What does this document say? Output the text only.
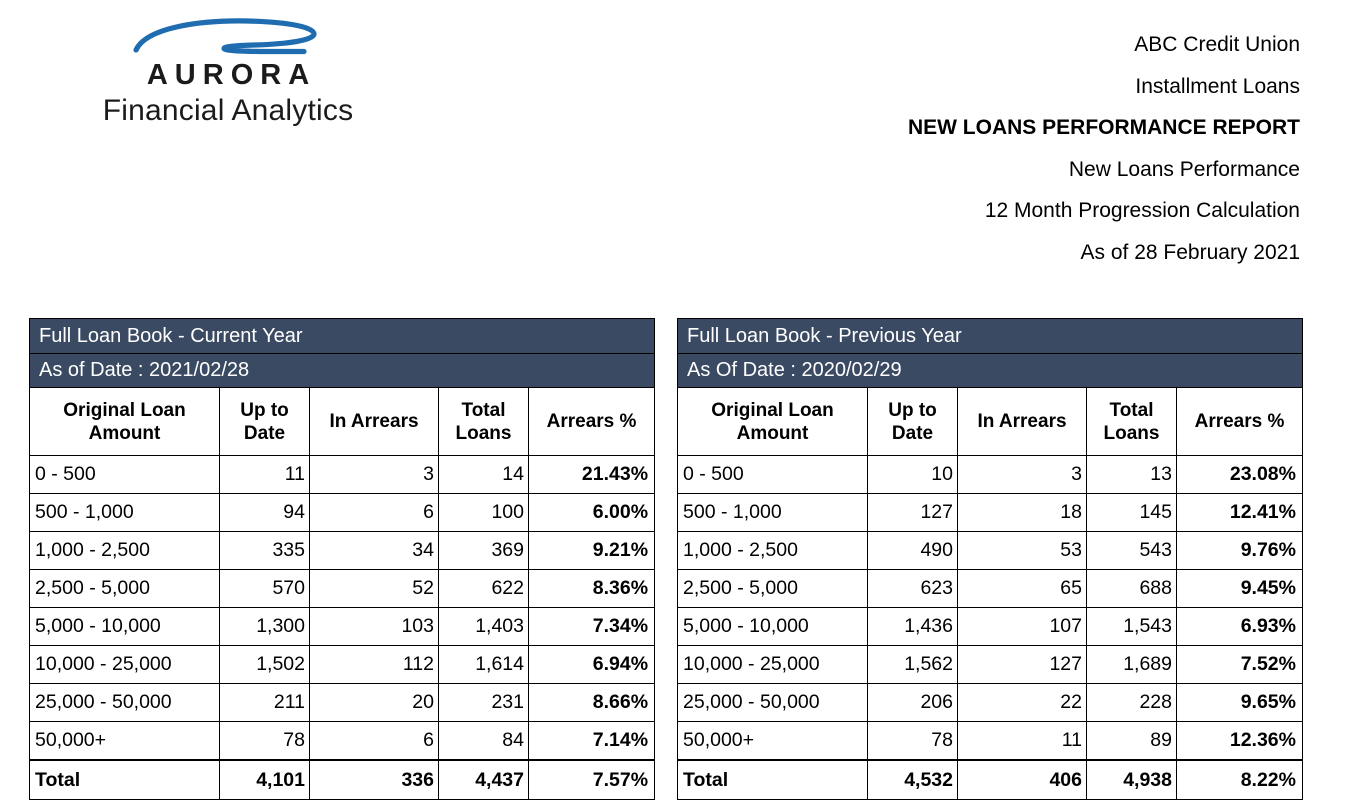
AURORA
Financial Analytics
ABC Credit Union
Installment Loans
NEW LOANS PERFORMANCE REPORT
New Loans Performance
12 Month Progression Calculation
As of 28 February 2021
Full Loan Book - Current Year				
As of Date : 2021/02/28				
Original Loan Amount	Up to Date	In Arrears	Total Loans	Arrears %
0 - 500	11	3	14	21.43%
500 - 1,000	94	6	100	6.00%
1,000 - 2,500	335	34	369	9.21%
2,500 - 5,000	570	52	622	8.36%
5,000 - 10,000	1,300	103	1,403	7.34%
10,000 - 25,000	1,502	112	1,614	6.94%
25,000 - 50,000	211	20	231	8.66%
50,000+	78	6	84	7.14%
Total	4,101	336	4,437	7.57%
Full Loan Book - Previous Year				
As Of Date : 2020/02/29				
Original Loan Amount	Up to Date	In Arrears	Total Loans	Arrears %
0 - 500	10	3	13	23.08%
500 - 1,000	127	18	145	12.41%
1,000 - 2,500	490	53	543	9.76%
2,500 - 5,000	623	65	688	9.45%
5,000 - 10,000	1,436	107	1,543	6.93%
10,000 - 25,000	1,562	127	1,689	7.52%
25,000 - 50,000	206	22	228	9.65%
50,000+	78	11	89	12.36%
Total	4,532	406	4,938	8.22%
